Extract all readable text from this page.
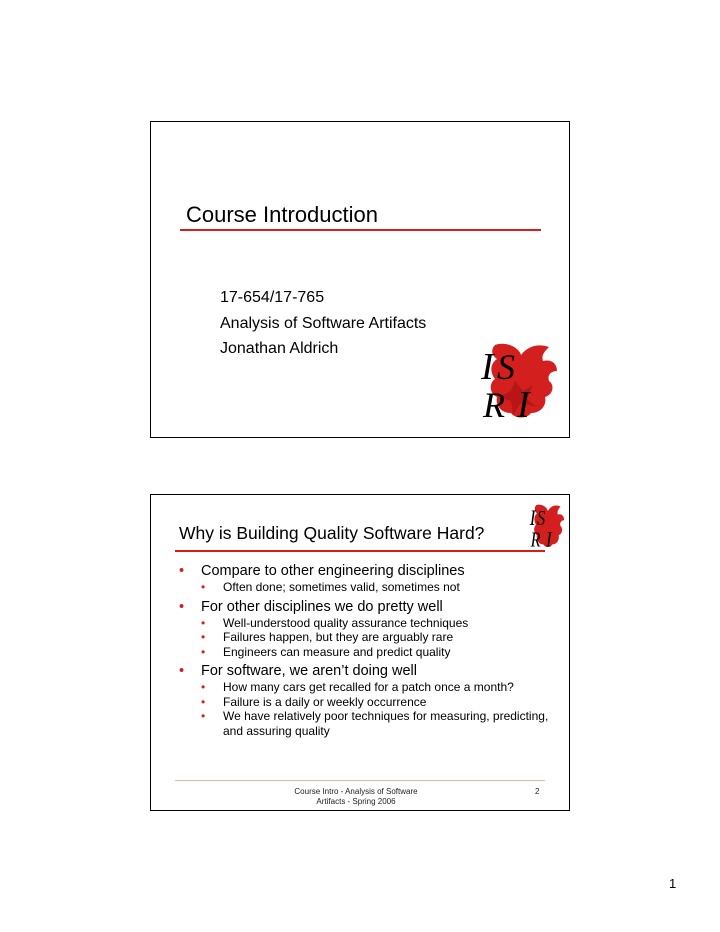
Course Introduction
17-654/17-765
Analysis of Software Artifacts
Jonathan Aldrich	I S
R I
I S
R I
Why is Building Quality Software Hard?
• Compare to other engineering disciplines
• Often done; sometimes valid, sometimes not
• For other disciplines we do pretty well
• Well-understood quality assurance techniques
• Failures happen, but they are arguably rare
• Engineers can measure and predict quality
• For software, we aren’t doing well
• How many cars get recalled for a patch once a month?
• Failure is a daily or weekly occurrence
• We have relatively poor techniques for measuring, predicting, and assuring quality
Course Intro - Analysis of Software Artifacts - Spring 2006
2
1
